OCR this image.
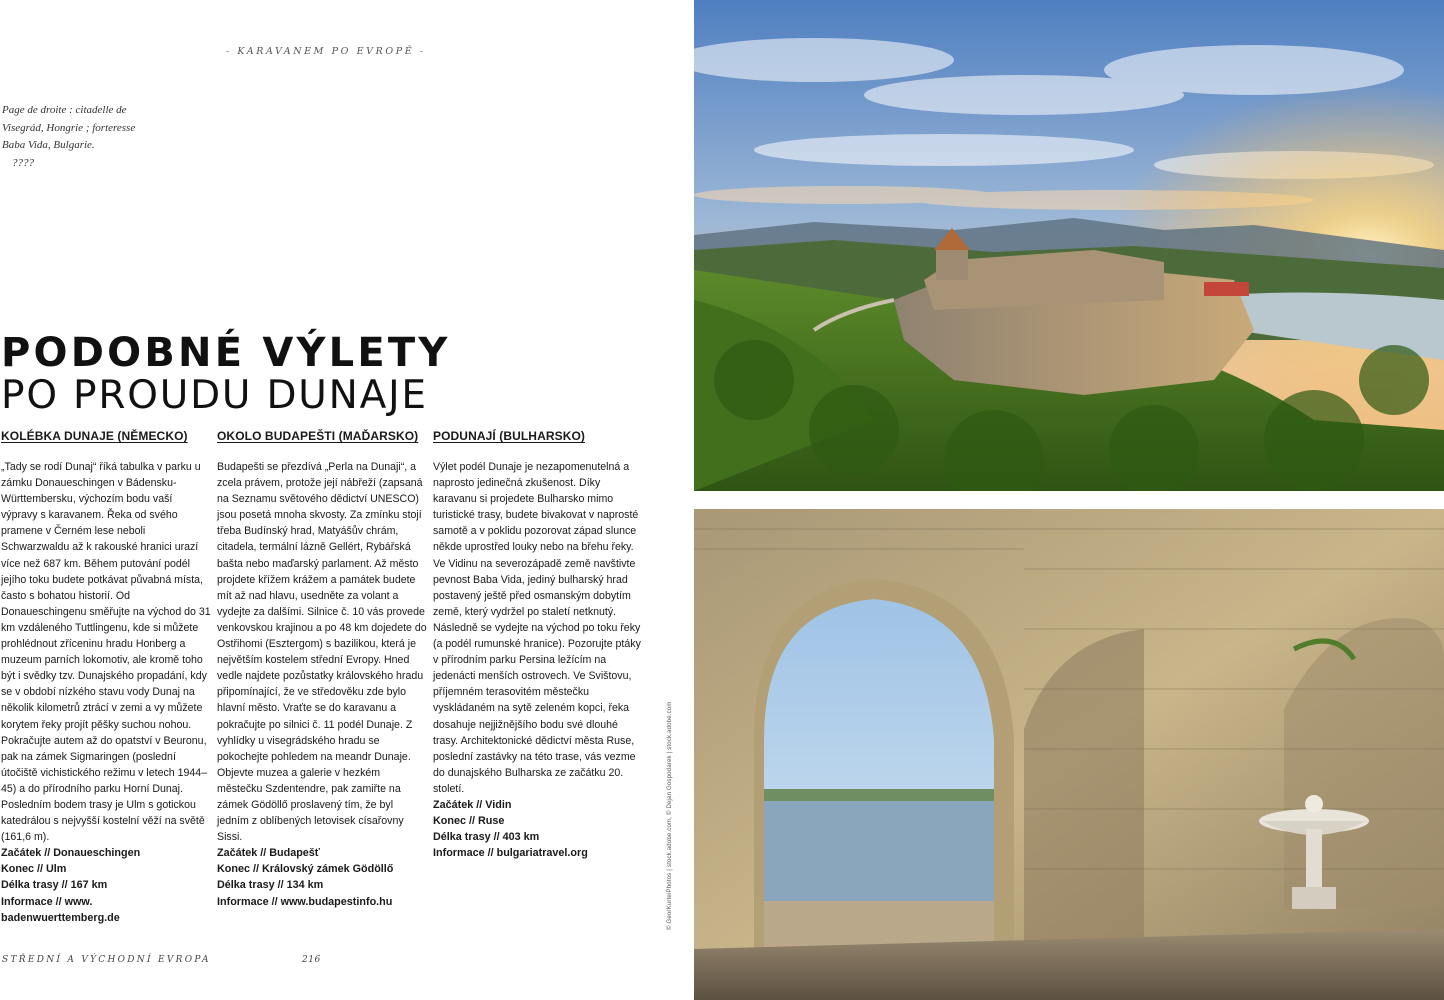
- KARAVANEM PO EVROPĚ -
Page de droite : citadelle de Visegrád, Hongrie ; forteresse Baba Vida, Bulgarie.
????
PODOBNÉ VÝLETY
PO PROUDU DUNAJE
KOLÉBKA DUNAJE (NĚMECKO)

„Tady se rodí Dunaj“ říká tabulka v parku u zámku Donaueschingen v Bádensku-Württembersku, výchozím bodu vaší výpravy s karavanem. Řeka od svého pramene v Černém lese neboli Schwarzwaldu až k rakouské hranici urazí více než 687 km. Během putování podél jejího toku budete potkávat půvabná místa, často s bohatou historií. Od Donaueschingenu směřujte na východ do 31 km vzdáleného Tuttlingenu, kde si můžete prohlédnout zříceninu hradu Honberg a muzeum parních lokomotiv, ale kromě toho být i svědky tzv. Dunajského propadání, kdy se v období nízkého stavu vody Dunaj na několik kilometrů ztrácí v zemi a vy můžete korytem řeky projít pěšky suchou nohou. Pokračujte autem až do opatství v Beuronu, pak na zámek Sigmaringen (poslední útočiště vichistického režimu v letech 1944–45) a do přírodního parku Horní Dunaj. Posledním bodem trasy je Ulm s gotickou katedrálou s nejvyšší kostelní věží na světě (161,6 m).

Začátek // Donaueschingen
Konec // Ulm
Délka trasy // 167 km
Informace // www.
badenwuerttemberg.de
OKOLO BUDAPEŠTI (MAĎARSKO)

Budapešti se přezdívá „Perla na Dunaji“, a zcela právem, protože její nábřeží (zapsaná na Seznamu světového dědictví UNESCO) jsou posetá mnoha skvosty. Za zmínku stojí třeba Budínský hrad, Matyášův chrám, citadela, termální lázně Gellért, Rybářská bašta nebo maďarský parlament. Až město projdete křížem krážem a památek budete mít až nad hlavu, usedněte za volant a vydejte za dalšími. Silnice č. 10 vás provede venkovskou krajinou a po 48 km dojedete do Ostřihomi (Esztergom) s bazilikou, která je největším kostelem střední Evropy. Hned vedle najdete pozůstatky královského hradu připomínající, že ve středověku zde bylo hlavní město. Vraťte se do karavanu a pokračujte po silnici č. 11 podél Dunaje. Z vyhlídky u visegrádského hradu se pokochejte pohledem na meandr Dunaje. Objevte muzea a galerie v hezkém městečku Szdentendre, pak zamiřte na zámek Gödöllő proslavený tím, že byl jedním z oblíbených letovisek císařovny Sissi.

Začátek // Budapešť
Konec // Královský zámek Gödöllő
Délka trasy // 134 km
Informace // www.budapestinfo.hu
PODUNAJÍ (BULHARSKO)

Výlet podél Dunaje je nezapomenutelná a naprosto jedinečná zkušenost. Díky karavanu si projedete Bulharsko mimo turistické trasy, budete bivakovat v naprosté samotě a v poklidu pozorovat západ slunce někde uprostřed louky nebo na břehu řeky. Ve Vidinu na severozápadě země navštivte pevnost Baba Vida, jediný bulharský hrad postavený ještě před osmanským dobytím země, který vydržel po staletí netknutý. Následně se vydejte na východ po toku řeky (a podél rumunské hranice). Pozorujte ptáky v přírodním parku Persina ležícím na jedenácti menších ostrovech. Ve Svištovu, příjemném terasovitém městečku vyskládaném na sytě zeleném kopci, řeka dosahuje nejjižnějšího bodu své dlouhé trasy. Architektonické dědictví města Ruse, poslední zastávky na této trase, vás vezme do dunajského Bulharska ze začátku 20. století.

Začátek // Vidin
Konec // Ruse
Délka trasy // 403 km
Informace // bulgariatravel.org
STŘEDNÍ A VÝCHODNÍ EVROPA	216
© GeorKurteiPhotos | stock.adobe.com, © Dejan Gospodarek | stock.adobe.com
